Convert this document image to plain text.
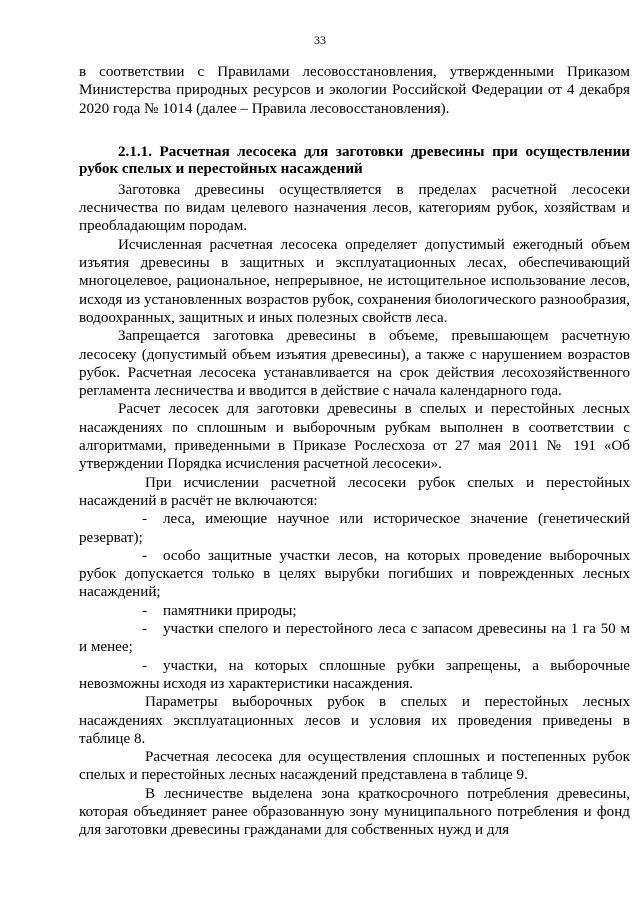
33

в соответствии с Правилами лесовосстановления, утвержденными Приказом Министерства природных ресурсов и экологии Российской Федерации от 4 декабря 2020 года № 1014 (далее – Правила лесовосстановления).

2.1.1. Расчетная лесосека для заготовки древесины при осуществлении рубок спелых и перестойных насаждений

Заготовка древесины осуществляется в пределах расчетной лесосеки лесничества по видам целевого назначения лесов, категориям рубок, хозяйствам и преобладающим породам.

Исчисленная расчетная лесосека определяет допустимый ежегодный объем изъятия древесины в защитных и эксплуатационных лесах, обеспечивающий многоцелевое, рациональное, непрерывное, не истощительное использование лесов, исходя из установленных возрастов рубок, сохранения биологического разнообразия, водоохранных, защитных и иных полезных свойств леса.

Запрещается заготовка древесины в объеме, превышающем расчетную лесосеку (допустимый объем изъятия древесины), а также с нарушением возрастов рубок. Расчетная лесосека устанавливается на срок действия лесохозяйственного регламента лесничества и вводится в действие с начала календарного года.

Расчет лесосек для заготовки древесины в спелых и перестойных лесных насаждениях по сплошным и выборочным рубкам выполнен в соответствии с алгоритмами, приведенными в Приказе Рослесхоза от 27 мая 2011 № 191 «Об утверждении Порядка исчисления расчетной лесосеки».

При исчислении расчетной лесосеки рубок спелых и перестойных насаждений в расчёт не включаются:

- леса, имеющие научное или историческое значение (генетический резерват);

- особо защитные участки лесов, на которых проведение выборочных рубок допускается только в целях вырубки погибших и поврежденных лесных насаждений;

- памятники природы;

- участки спелого и перестойного леса с запасом древесины на 1 га 50 м и менее;

- участки, на которых сплошные рубки запрещены, а выборочные невозможны исходя из характеристики насаждения.

Параметры выборочных рубок в спелых и перестойных лесных насаждениях эксплуатационных лесов и условия их проведения приведены в таблице 8.

Расчетная лесосека для осуществления сплошных и постепенных рубок спелых и перестойных лесных насаждений представлена в таблице 9.

В лесничестве выделена зона краткосрочного потребления древесины, которая объединяет ранее образованную зону муниципального потребления и фонд для заготовки древесины гражданами для собственных нужд и для
